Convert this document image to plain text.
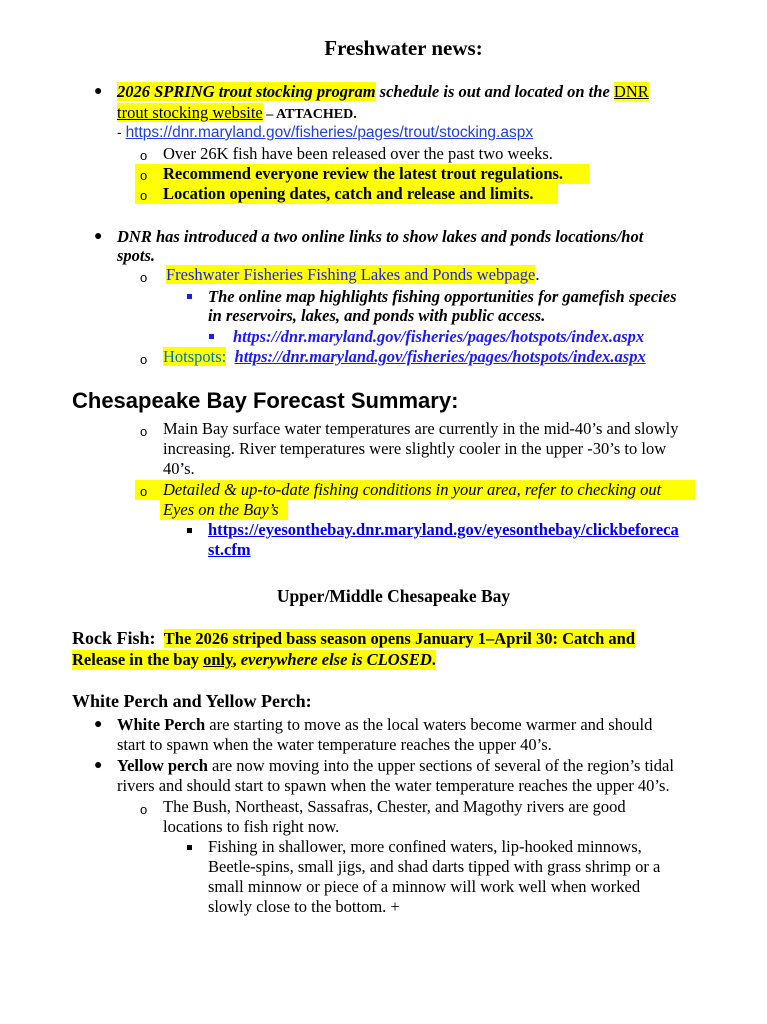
Freshwater news:
● 2026 SPRING trout stocking program schedule is out and located on the DNR
trout stocking website – ATTACHED.
- https://dnr.maryland.gov/fisheries/pages/trout/stocking.aspx
o Over 26K fish have been released over the past two weeks.
o Recommend everyone review the latest trout regulations.
o Location opening dates, catch and release and limits.
● DNR has introduced a two online links to show lakes and ponds locations/hot
spots.
o Freshwater Fisheries Fishing Lakes and Ponds webpage.
The online map highlights fishing opportunities for gamefish species
in reservoirs, lakes, and ponds with public access.
https://dnr.maryland.gov/fisheries/pages/hotspots/index.aspx
o Hotspots: https://dnr.maryland.gov/fisheries/pages/hotspots/index.aspx
Chesapeake Bay Forecast Summary:
o Main Bay surface water temperatures are currently in the mid-40’s and slowly
increasing. River temperatures were slightly cooler in the upper -30’s to low
40’s.
o Detailed & up-to-date fishing conditions in your area, refer to checking out
Eyes on the Bay’s
https://eyesonthebay.dnr.maryland.gov/eyesonthebay/clickbeforeca
st.cfm
Upper/Middle Chesapeake Bay
Rock Fish: The 2026 striped bass season opens January 1–April 30: Catch and
Release in the bay only, everywhere else is CLOSED.
White Perch and Yellow Perch:
● White Perch are starting to move as the local waters become warmer and should
start to spawn when the water temperature reaches the upper 40’s.
● Yellow perch are now moving into the upper sections of several of the region’s tidal
rivers and should start to spawn when the water temperature reaches the upper 40’s.
o The Bush, Northeast, Sassafras, Chester, and Magothy rivers are good
locations to fish right now.
Fishing in shallower, more confined waters, lip-hooked minnows,
Beetle-spins, small jigs, and shad darts tipped with grass shrimp or a
small minnow or piece of a minnow will work well when worked
slowly close to the bottom. +
